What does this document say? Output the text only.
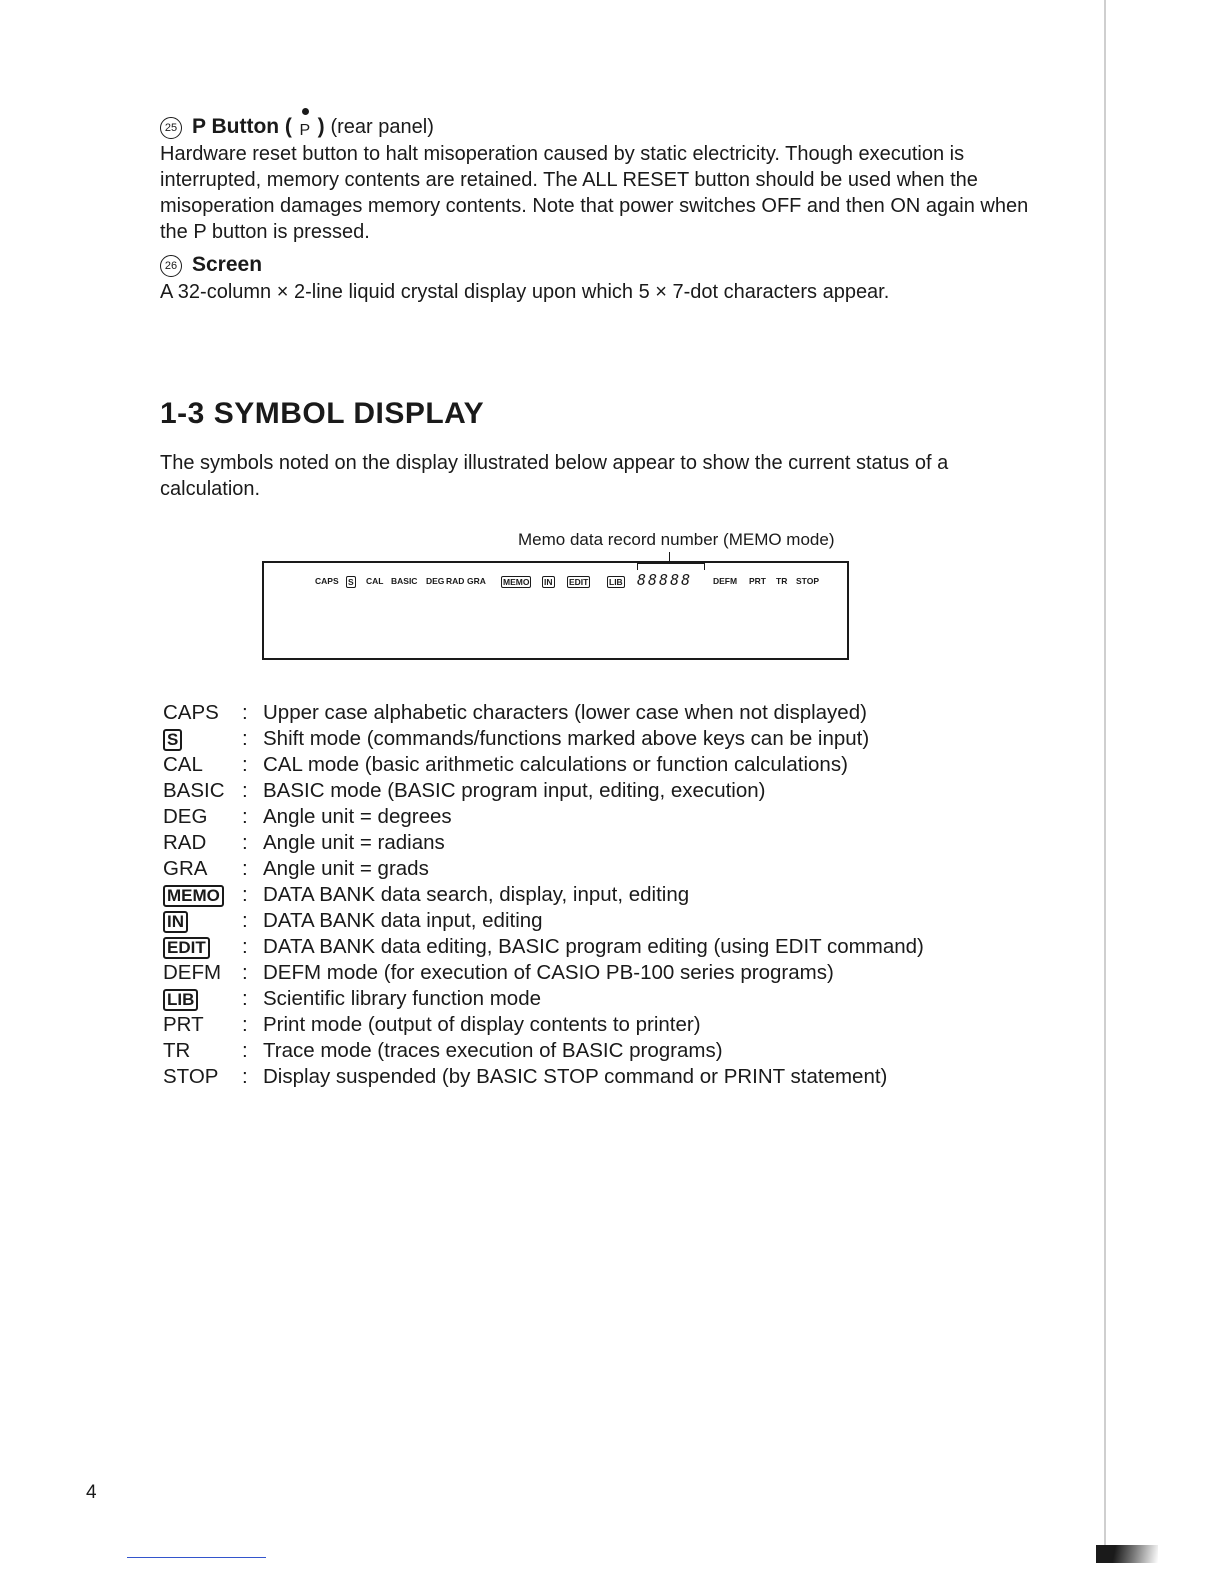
25 P Button ( P ) (rear panel)
Hardware reset button to halt misoperation caused by static electricity. Though execution is interrupted, memory contents are retained. The ALL RESET button should be used when the misoperation damages memory contents. Note that power switches OFF and then ON again when the P button is pressed.
26 Screen
A 32-column × 2-line liquid crystal display upon which 5 × 7-dot characters appear.
1-3 SYMBOL DISPLAY
The symbols noted on the display illustrated below appear to show the current status of a calculation.
Memo data record number (MEMO mode)
CAPS S CAL BASIC DEG RAD GRA MEMO IN EDIT LIB 88888 DEFM PRT TR STOP
CAPS : Upper case alphabetic characters (lower case when not displayed)
S	: Shift mode (commands/functions marked above keys can be input)
CAL : CAL mode (basic arithmetic calculations or function calculations)
BASIC : BASIC mode (BASIC program input, editing, execution)
DEG : Angle unit = degrees
RAD : Angle unit = radians
GRA : Angle unit = grads
MEMO : DATA BANK data search, display, input, editing
IN	: DATA BANK data input, editing
EDIT : DATA BANK data editing, BASIC program editing (using EDIT command)
DEFM : DEFM mode (for execution of CASIO PB-100 series programs)
LIB : Scientific library function mode
PRT : Print mode (output of display contents to printer)
TR	: Trace mode (traces execution of BASIC programs)
STOP : Display suspended (by BASIC STOP command or PRINT statement)
4
